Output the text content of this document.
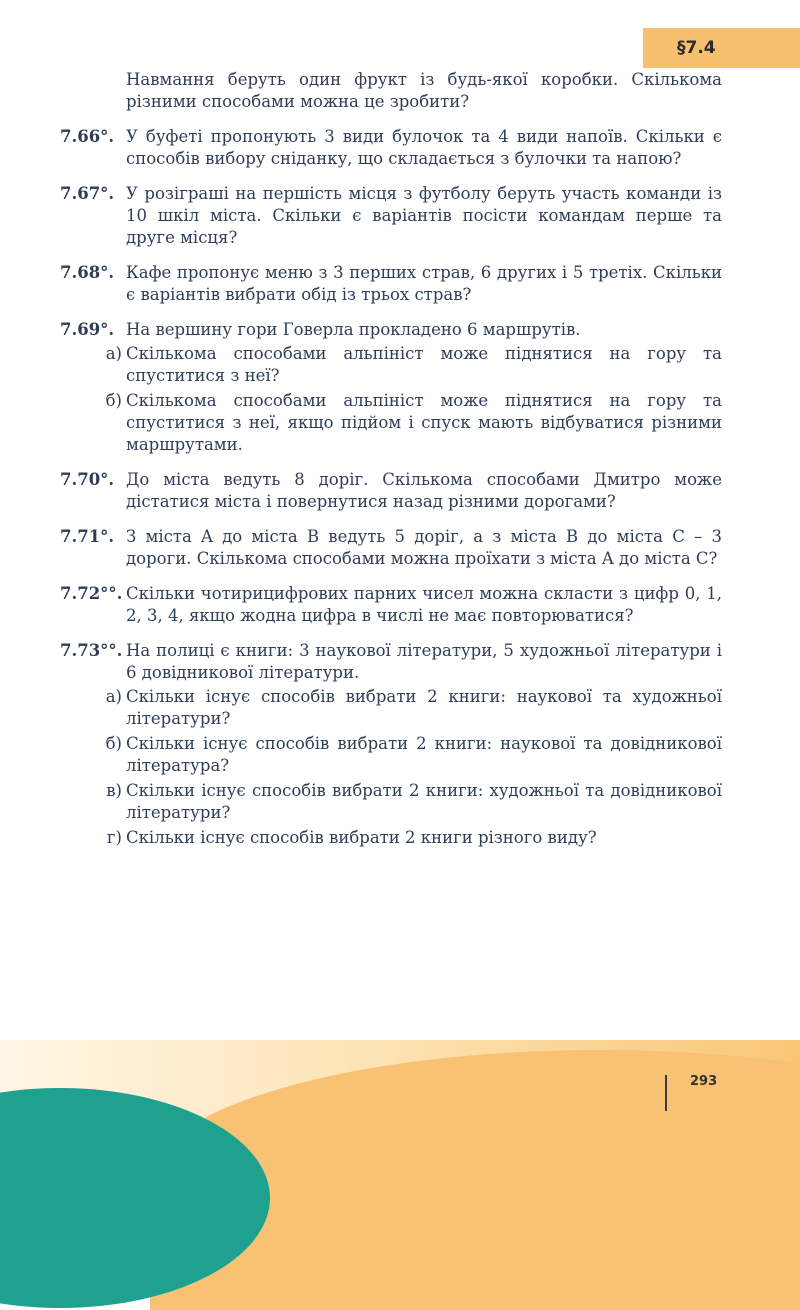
§7.4
Навмання беруть один фрукт із будь-якої коробки. Скількома різними способами можна це зробити?
7.66°. У буфеті пропонують 3 види булочок та 4 види напоїв. Скільки є способів вибору сніданку, що складається з булочки та напою?
7.67°. У розіграші на першість місця з футболу беруть участь команди із 10 шкіл міста. Скільки є варіантів посісти командам перше та друге місця?
7.68°. Кафе пропонує меню з 3 перших страв, 6 других і 5 третіх. Скільки є варіантів вибрати обід із трьох страв?
7.69°. На вершину гори Говерла прокладено 6 маршрутів.
а) Скількома способами альпініст може піднятися на гору та спуститися з неї?
б) Скількома способами альпініст може піднятися на гору та спуститися з неї, якщо підйом і спуск мають відбуватися різними маршрутами.
7.70°. До міста ведуть 8 доріг. Скількома способами Дмитро може дістатися міста і повернутися назад різними дорогами?
7.71°. З міста A до міста B ведуть 5 доріг, а з міста B до міста C – 3 дороги. Скількома способами можна проїхати з міста A до міста C?
7.72°°. Скільки чотирицифрових парних чисел можна скласти з цифр 0, 1, 2, 3, 4, якщо жодна цифра в числі не має повторюватися?
7.73°°. На полиці є книги: 3 наукової літератури, 5 художньої літератури і 6 довідникової літератури.
а) Скільки існує способів вибрати 2 книги: наукової та художньої літератури?
б) Скільки існує способів вибрати 2 книги: наукової та довідникової література?
в) Скільки існує способів вибрати 2 книги: художньої та довідникової літератури?
г) Скільки існує способів вибрати 2 книги різного виду?
293
